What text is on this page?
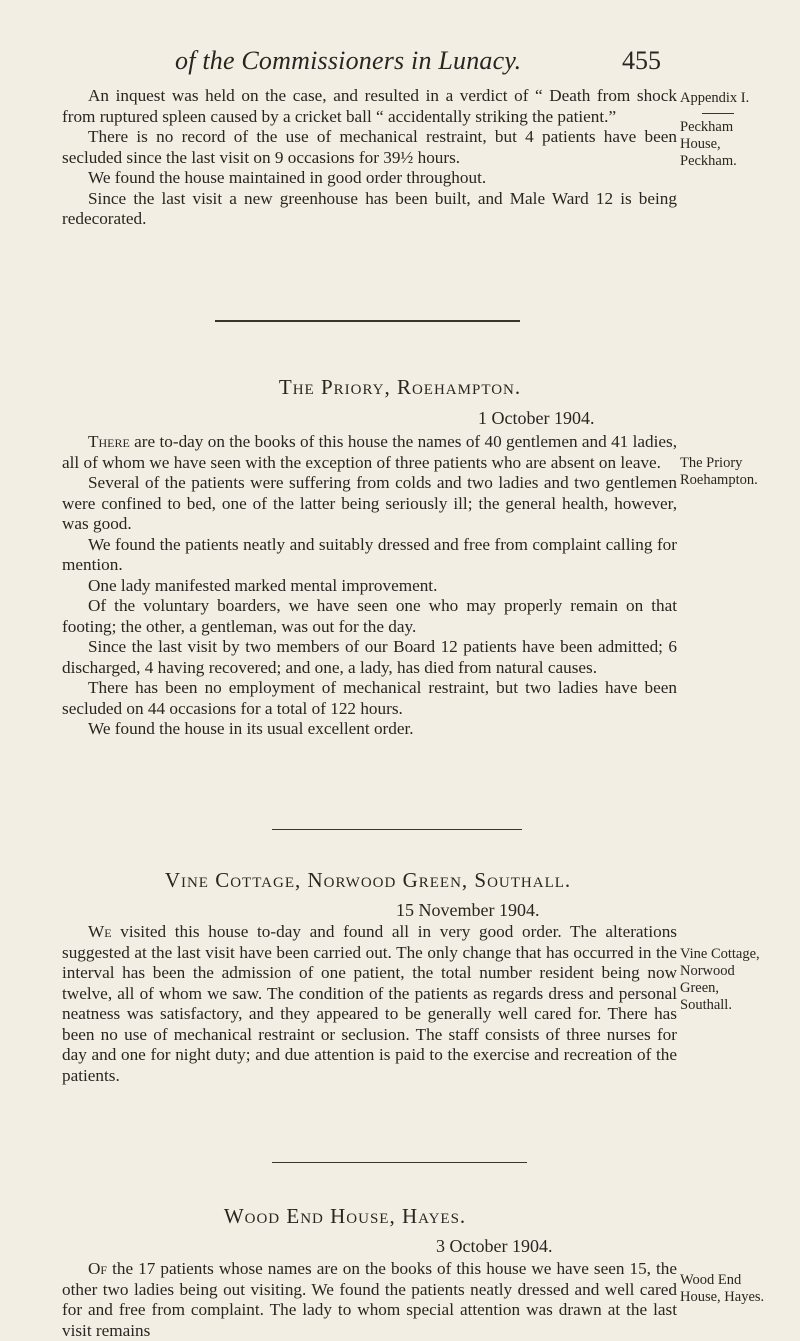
of the Commissioners in Lunacy.	455

An inquest was held on the case, and resulted in a verdict of “ Death from shock from ruptured spleen caused by a cricket ball “ accidentally striking the patient.”

There is no record of the use of mechanical restraint, but 4 patients have been secluded since the last visit on 9 occasions for 39½ hours.

We found the house maintained in good order throughout.

Since the last visit a new greenhouse has been built, and Male Ward 12 is being redecorated.

Appendix I.
Peckham
House,
Peckham.
The Priory, Roehampton.
1 October 1904.

There are to-day on the books of this house the names of 40 gentlemen and 41 ladies, all of whom we have seen with the exception of three patients who are absent on leave.

Several of the patients were suffering from colds and two ladies and two gentlemen were confined to bed, one of the latter being seriously ill; the general health, however, was good.

We found the patients neatly and suitably dressed and free from complaint calling for mention.

One lady manifested marked mental improvement.

Of the voluntary boarders, we have seen one who may properly remain on that footing; the other, a gentleman, was out for the day.

Since the last visit by two members of our Board 12 patients have been admitted; 6 discharged, 4 having recovered; and one, a lady, has died from natural causes.

There has been no employment of mechanical restraint, but two ladies have been secluded on 44 occasions for a total of 122 hours.

We found the house in its usual excellent order.

The Priory
Roehampton.
Vine Cottage, Norwood Green, Southall.
15 November 1904.

We visited this house to-day and found all in very good order. The alterations suggested at the last visit have been carried out. The only change that has occurred in the interval has been the admission of one patient, the total number resident being now twelve, all of whom we saw. The condition of the patients as regards dress and personal neatness was satisfactory, and they appeared to be generally well cared for. There has been no use of mechanical restraint or seclusion. The staff consists of three nurses for day and one for night duty; and due attention is paid to the exercise and recreation of the patients.

Vine Cottage,
Norwood
Green,
Southall.
Wood End House, Hayes.
3 October 1904.

Of the 17 patients whose names are on the books of this house we have seen 15, the other two ladies being out visiting. We found the patients neatly dressed and well cared for and free from complaint. The lady to whom special attention was drawn at the last visit remains

Wood End
House, Hayes.
